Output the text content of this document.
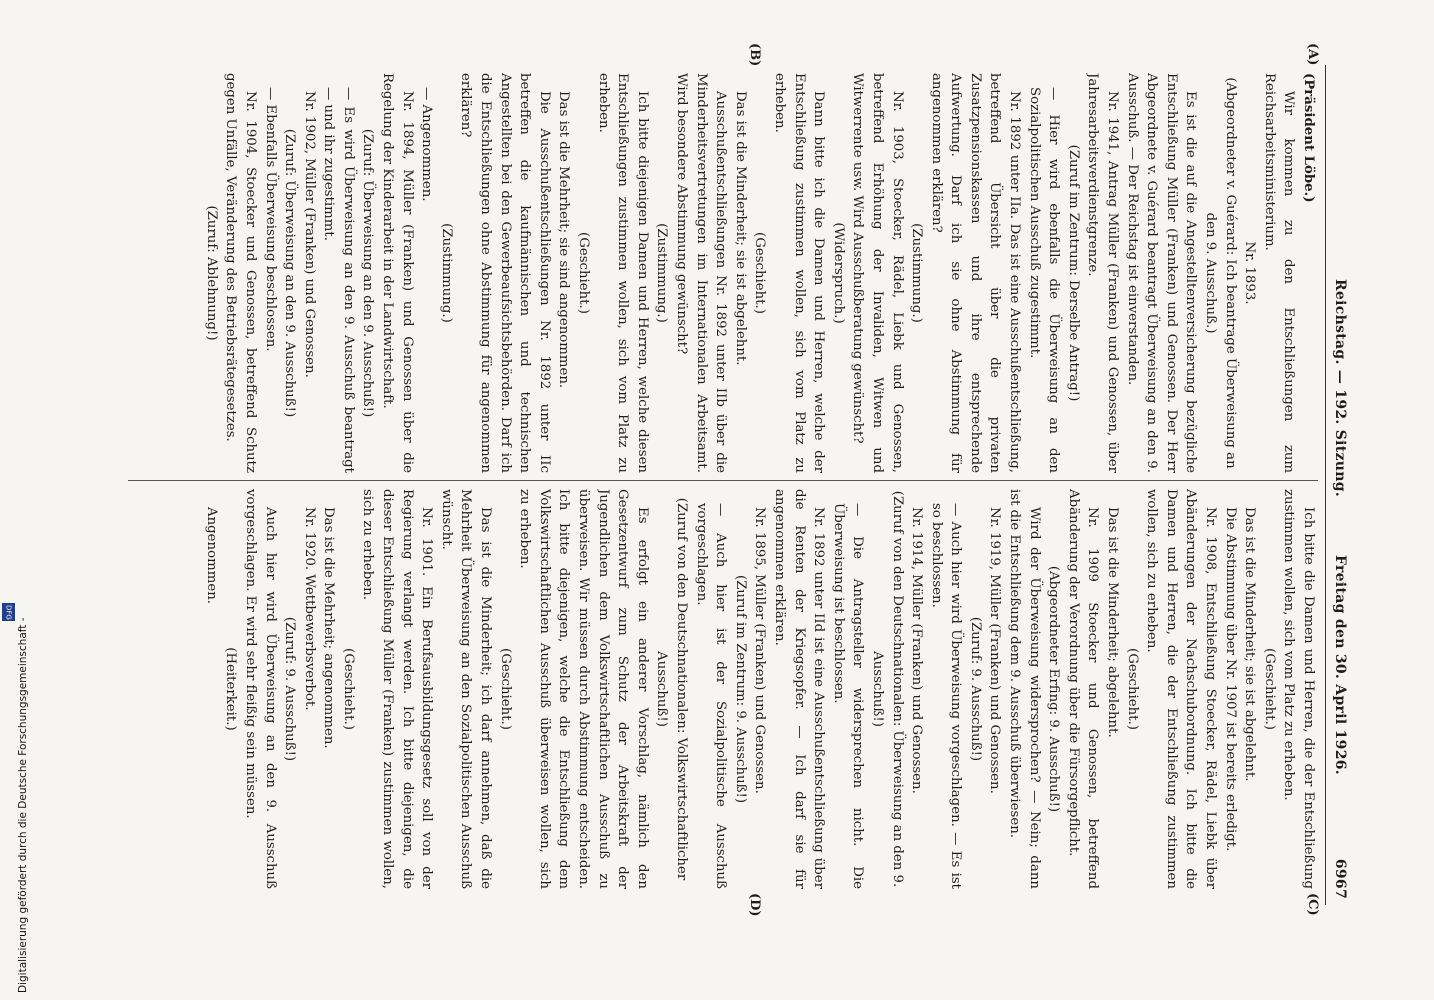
Reichstag. — 192. Sitzung.
Freitag den 30. April 1926.
6967

(Präsident Löbe.)

Wir kommen zu den Entschließungen zum Reichsarbeitsministerium.

Nr. 1893.

(Abgeordneter v. Guérard: Ich beantrage Überweisung an den 9. Ausschuß.)

Es ist die auf die Angestelltenversicherung bezügliche Entschließung Müller (Franken) und Genossen. Der Herr Abgeordnete v. Guérard beantragt Überweisung an den 9. Ausschuß. — Der Reichstag ist einverstanden.

Nr. 1941, Antrag Müller (Franken) und Genossen, über Jahresarbeitsverdienstgrenze.

(Zuruf im Zentrum: Derselbe Antrag!)

— Hier wird ebenfalls die Überweisung an den Sozialpolitischen Ausschuß zugestimmt.

Nr. 1892 unter IIa. Das ist eine Ausschußentschließung, betreffend Übersicht über die privaten Zusatzpensionskassen und ihre entsprechende Aufwertung. Darf ich sie ohne Abstimmung für angenommen erklären?

(Zustimmung.)

Nr. 1903, Stoecker, Rädel, Liebk und Genossen, betreffend Erhöhung der Invaliden, Witwen und Witwerrente usw. Wird Ausschußberatung gewünscht?

(Widerspruch.)

Dann bitte ich die Damen und Herren, welche der Entschließung zustimmen wollen, sich vom Platz zu erheben.

(Geschieht.)

Das ist die Minderheit; sie ist abgelehnt.

Ausschußentschließungen Nr. 1892 unter IIb über die Minderheitsvertretungen im Internationalen Arbeitsamt. Wird besondere Abstimmung gewünscht?

(Zustimmung.)

Ich bitte diejenigen Damen und Herren, welche diesen Entschließungen zustimmen wollen, sich vom Platz zu erheben.

(Geschieht.)

Das ist die Mehrheit; sie sind angenommen.

Die Ausschußentschließungen Nr. 1892 unter IIc betreffen die kaufmännischen und technischen Angestellten bei den Gewerbeaufsichtsbehörden. Darf ich die Entschließungen ohne Abstimmung für angenommen erklären?

(Zustimmung.)

— Angenommen.

Nr. 1894, Müller (Franken) und Genossen über die Regelung der Kinderarbeit in der Landwirtschaft.

(Zuruf: Überweisung an den 9. Ausschuß!)

— Es wird Überweisung an den 9. Ausschuß beantragt — und ihr zugestimmt.

Nr. 1902, Müller (Franken) und Genossen.

(Zuruf: Überweisung an den 9. Ausschuß!)

— Ebenfalls Überweisung beschlossen.

Nr. 1904, Stoecker und Genossen, betreffend Schutz gegen Unfälle, Veränderung des Betriebsrätegesetzes.

(Zuruf: Ablehnung!)

Ich bitte die Damen und Herren, die der Entschließung zustimmen wollen, sich vom Platz zu erheben.

(Geschieht.)

Das ist die Minderheit; sie ist abgelehnt.

Die Abstimmung über Nr. 1907 ist bereits erledigt.

Nr. 1908, Entschließung Stoecker, Rädel, Liebk über Abänderungen der Nachschubordnung. Ich bitte die Damen und Herren, die der Entschließung zustimmen wollen, sich zu erheben.

(Geschieht.)

Das ist die Minderheit; abgelehnt.

Nr. 1909 Stoecker und Genossen, betreffend Abänderung der Verordnung über die Fürsorgepflicht.

(Abgeordneter Erfing: 9. Ausschuß!)

Wird der Überweisung widersprochen? — Nein; dann ist die Entschließung dem 9. Ausschuß überwiesen.

Nr. 1919, Müller (Franken) und Genossen.

(Zuruf: 9. Ausschuß!)

— Auch hier wird Überweisung vorgeschlagen. — Es ist so beschlossen.

Nr. 1914, Müller (Franken) und Genossen.

(Zuruf von den Deutschnationalen: Überweisung an den 9. Ausschuß!)

— Die Antragsteller widersprechen nicht. Die Überweisung ist beschlossen.

Nr. 1892 unter IId ist eine Ausschußentschließung über die Renten der Kriegsopfer. — Ich darf sie für angenommen erklären.

Nr. 1895, Müller (Franken) und Genossen.

(Zuruf im Zentrum: 9. Ausschuß!)

— Auch hier ist der Sozialpolitische Ausschuß vorgeschlagen.

(Zuruf von den Deutschnationalen: Volkswirtschaftlicher Ausschuß!)

Es erfolgt ein anderer Vorschlag, nämlich den Gesetzentwurf zum Schutz der Arbeitskraft der Jugendlichen dem Volkswirtschaftlichen Ausschuß zu überweisen. Wir müssen durch Abstimmung entscheiden. Ich bitte diejenigen, welche die Entschließung dem Volkswirtschaftlichen Ausschuß überweisen wollen, sich zu erheben.

(Geschieht.)

Das ist die Minderheit; ich darf annehmen, daß die Mehrheit Überweisung an den Sozialpolitischen Ausschuß wünscht.

Nr. 1901. Ein Berufsausbildungsgesetz soll von der Regierung verlangt werden. Ich bitte diejenigen, die dieser Entschließung Müller (Franken) zustimmen wollen, sich zu erheben.

(Geschieht.)

Das ist die Mehrheit; angenommen.

Nr. 1920. Wettbewerbsverbot.

(Zuruf: 9. Ausschuß!)

Auch hier wird Überweisung an den 9. Ausschuß vorgeschlagen. Er wird sehr fleißig sein müssen.

(Heiterkeit.)

Angenommen.

(A)
(B)
(C)
(D)
Digitalisierung gefördert durch die Deutsche Forschungsgemeinschaft -
DFG
